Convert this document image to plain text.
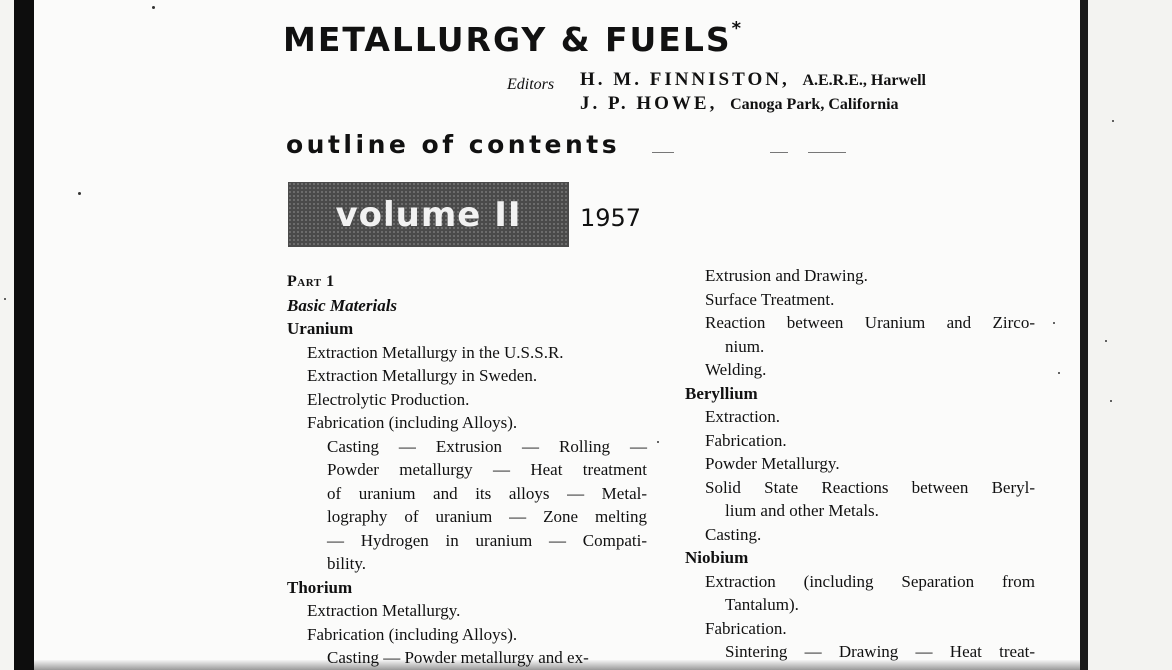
METALLURGY & FUELS*
Editors H. M. FINNISTON, A.E.R.E., Harwell
J. P. HOWE, Canoga Park, California
outline of contents
volume II 1957
Part 1
Basic Materials
Uranium
Extraction Metallurgy in the U.S.S.R.
Extraction Metallurgy in Sweden.
Electrolytic Production.
Fabrication (including Alloys).
Casting — Extrusion — Rolling —
Powder metallurgy — Heat treatment
of uranium and its alloys — Metal-
lography of uranium — Zone melting
— Hydrogen in uranium — Compati-
bility.
Thorium
Extraction Metallurgy.
Fabrication (including Alloys).
Casting — Powder metallurgy and ex-
Extrusion and Drawing.
Surface Treatment.
Reaction between Uranium and Zirco-
nium.
Welding.
Beryllium
Extraction.
Fabrication.
Powder Metallurgy.
Solid State Reactions between Beryl-
lium and other Metals.
Casting.
Niobium
Extraction (including Separation from
Tantalum).
Fabrication.
Sintering — Drawing — Heat treat-
